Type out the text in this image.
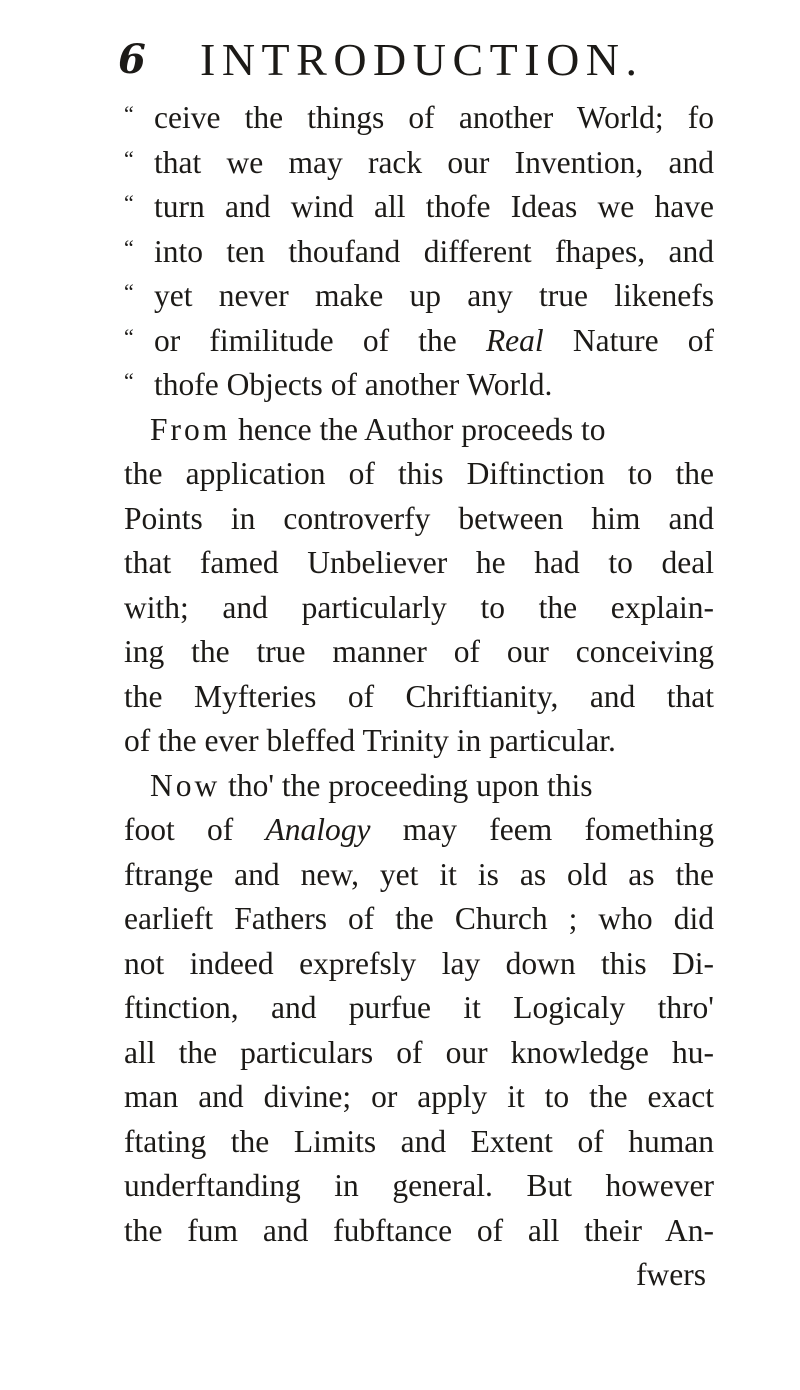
6 INTRODUCTION.
“ ceive the things of another World; fo
“ that we may rack our Invention, and
“ turn and wind all thofe Ideas we have
“ into ten thoufand different fhapes, and
“ yet never make up any true likenefs
“ or fimilitude of the Real Nature of
“ thofe Objects of another World.
From hence the Author proceeds to
the application of this Diftinction to the
Points in controverfy between him and
that famed Unbeliever he had to deal
with; and particularly to the explain-
ing the true manner of our conceiving
the Myfteries of Chriftianity, and that
of the ever bleffed Trinity in particular.
Now tho' the proceeding upon this
foot of Analogy may feem fomething
ftrange and new, yet it is as old as the
earlieft Fathers of the Church ; who did
not indeed exprefsly lay down this Di-
ftinction, and purfue it Logicaly thro'
all the particulars of our knowledge hu-
man and divine; or apply it to the exact
ftating the Limits and Extent of human
underftanding in general. But however
the fum and fubftance of all their An-
fwers
